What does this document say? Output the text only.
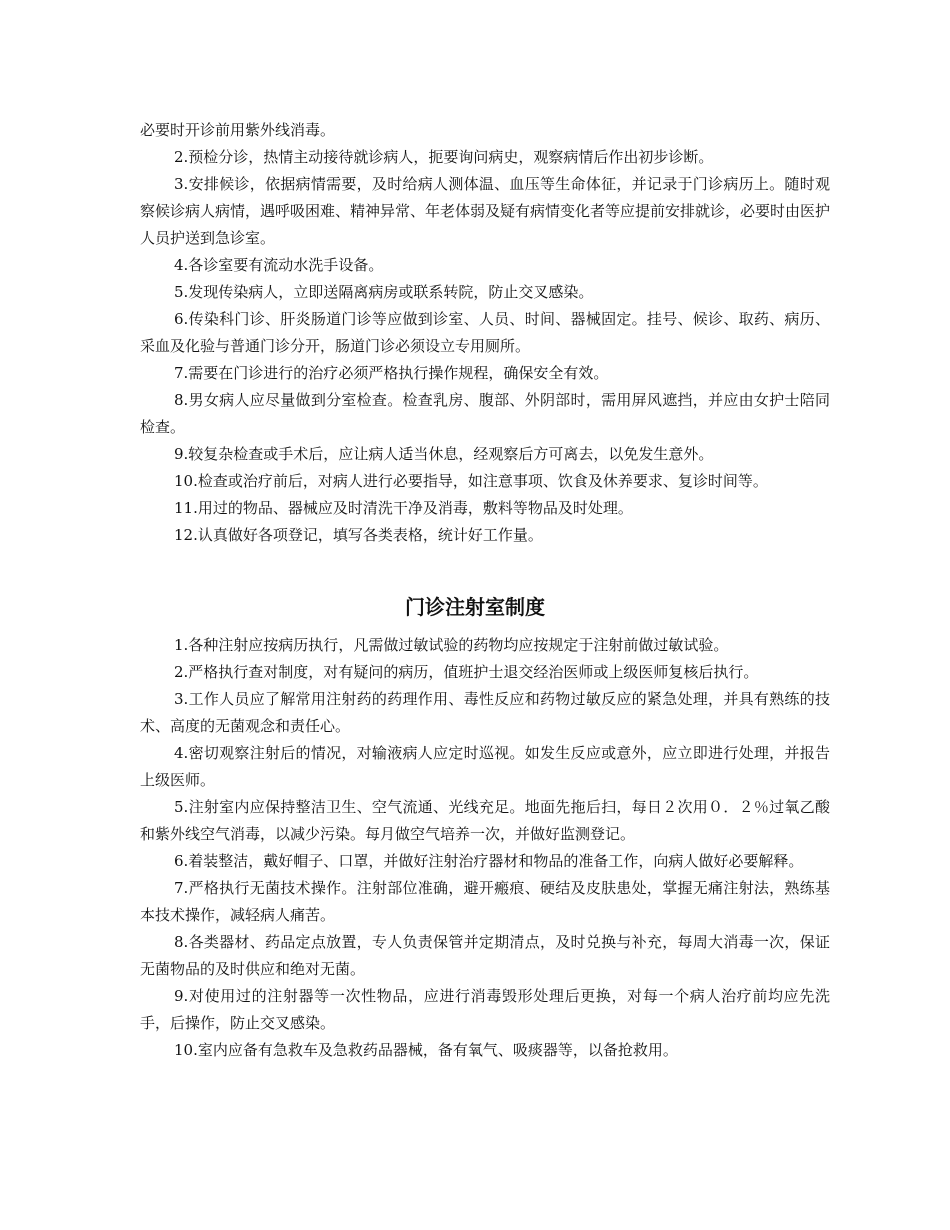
必要时开诊前用紫外线消毒。

2.预检分诊，热情主动接待就诊病人，扼要询问病史，观察病情后作出初步诊断。

3.安排候诊，依据病情需要，及时给病人测体温、血压等生命体征，并记录于门诊病历上。随时观察候诊病人病情，遇呼吸困难、精神异常、年老体弱及疑有病情变化者等应提前安排就诊，必要时由医护人员护送到急诊室。

4.各诊室要有流动水洗手设备。

5.发现传染病人，立即送隔离病房或联系转院，防止交叉感染。

6.传染科门诊、肝炎肠道门诊等应做到诊室、人员、时间、器械固定。挂号、候诊、取药、病历、采血及化验与普通门诊分开，肠道门诊必须设立专用厕所。

7.需要在门诊进行的治疗必须严格执行操作规程，确保安全有效。

8.男女病人应尽量做到分室检查。检查乳房、腹部、外阴部时，需用屏风遮挡，并应由女护士陪同检查。

9.较复杂检查或手术后，应让病人适当休息，经观察后方可离去，以免发生意外。

10.检查或治疗前后，对病人进行必要指导，如注意事项、饮食及休养要求、复诊时间等。

11.用过的物品、器械应及时清洗干净及消毒，敷料等物品及时处理。

12.认真做好各项登记，填写各类表格，统计好工作量。

门诊注射室制度

1.各种注射应按病历执行，凡需做过敏试验的药物均应按规定于注射前做过敏试验。

2.严格执行查对制度，对有疑问的病历，值班护士退交经治医师或上级医师复核后执行。

3.工作人员应了解常用注射药的药理作用、毒性反应和药物过敏反应的紧急处理，并具有熟练的技术、高度的无菌观念和责任心。

4.密切观察注射后的情况，对输液病人应定时巡视。如发生反应或意外，应立即进行处理，并报告上级医师。

5.注射室内应保持整洁卫生、空气流通、光线充足。地面先拖后扫，每日２次用０．２％过氧乙酸和紫外线空气消毒，以减少污染。每月做空气培养一次，并做好监测登记。

6.着装整洁，戴好帽子、口罩，并做好注射治疗器材和物品的准备工作，向病人做好必要解释。

7.严格执行无菌技术操作。注射部位准确，避开瘢痕、硬结及皮肤患处，掌握无痛注射法，熟练基本技术操作，减轻病人痛苦。

8.各类器材、药品定点放置，专人负责保管并定期清点，及时兑换与补充，每周大消毒一次，保证无菌物品的及时供应和绝对无菌。

9.对使用过的注射器等一次性物品，应进行消毒毁形处理后更换，对每一个病人治疗前均应先洗手，后操作，防止交叉感染。

10.室内应备有急救车及急救药品器械，备有氧气、吸痰器等，以备抢救用。
